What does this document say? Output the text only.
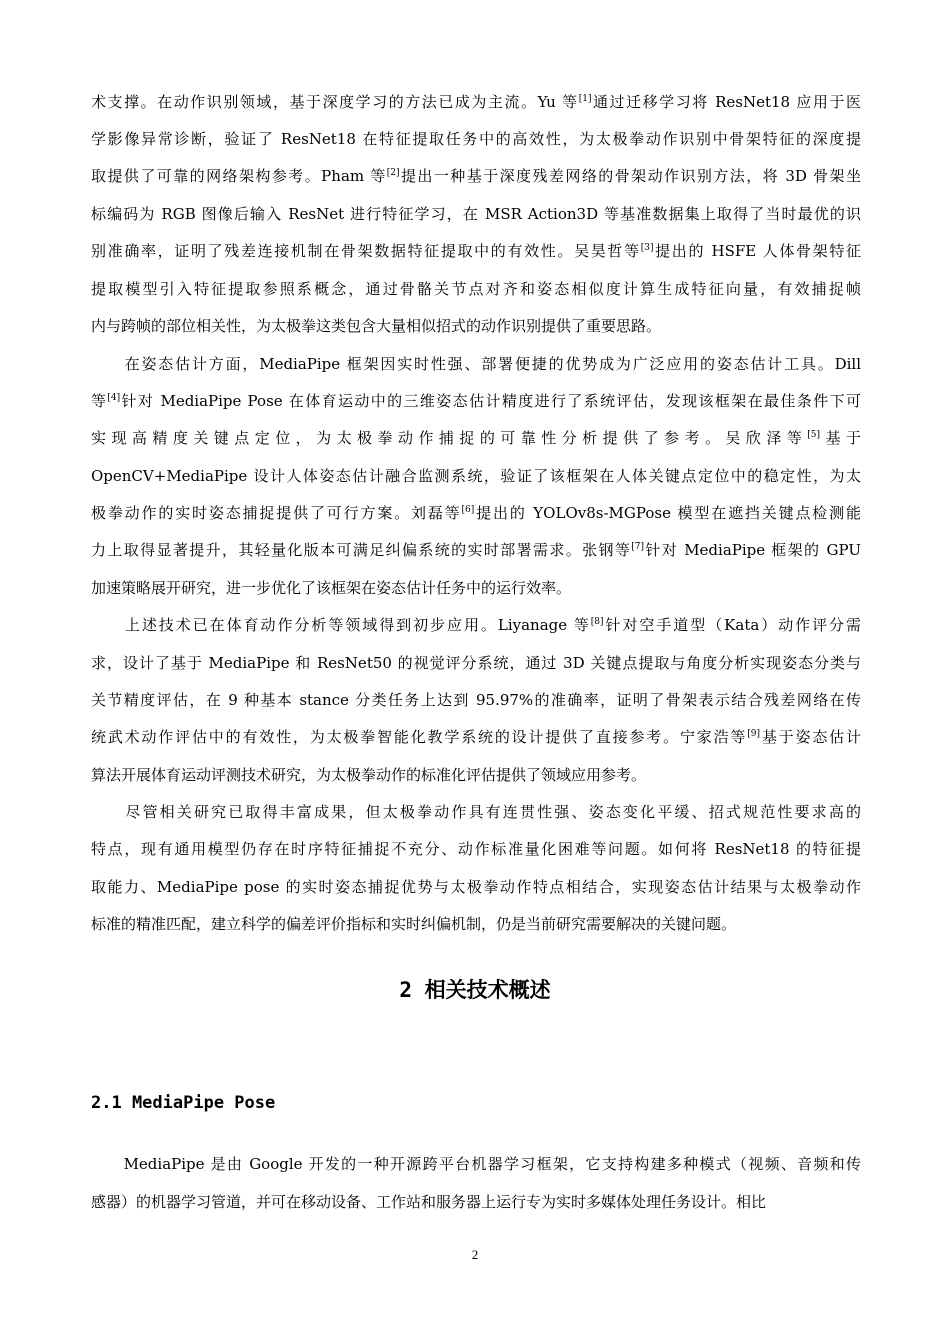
术支撑。在动作识别领域，基于深度学习的方法已成为主流。Yu 等[1]通过迁移学习将 ResNet18 应用于医
学影像异常诊断，验证了 ResNet18 在特征提取任务中的高效性，为太极拳动作识别中骨架特征的深度提
取提供了可靠的网络架构参考。Pham 等[2]提出一种基于深度残差网络的骨架动作识别方法，将 3D 骨架坐
标编码为 RGB 图像后输入 ResNet 进行特征学习，在 MSR Action3D 等基准数据集上取得了当时最优的识
别准确率，证明了残差连接机制在骨架数据特征提取中的有效性。吴昊哲等[3]提出的 HSFE 人体骨架特征
提取模型引入特征提取参照系概念，通过骨骼关节点对齐和姿态相似度计算生成特征向量，有效捕捉帧
内与跨帧的部位相关性，为太极拳这类包含大量相似招式的动作识别提供了重要思路。
　　在姿态估计方面，MediaPipe 框架因实时性强、部署便捷的优势成为广泛应用的姿态估计工具。Dill
等[4]针对 MediaPipe Pose 在体育运动中的三维姿态估计精度进行了系统评估，发现该框架在最佳条件下可
实现高精度关键点定位，为太极拳动作捕捉的可靠性分析提供了参考。吴欣泽等[5]基于
OpenCV+MediaPipe 设计人体姿态估计融合监测系统，验证了该框架在人体关键点定位中的稳定性，为太
极拳动作的实时姿态捕捉提供了可行方案。刘磊等[6]提出的 YOLOv8s-MGPose 模型在遮挡关键点检测能
力上取得显著提升，其轻量化版本可满足纠偏系统的实时部署需求。张钢等[7]针对 MediaPipe 框架的 GPU
加速策略展开研究，进一步优化了该框架在姿态估计任务中的运行效率。
　　上述技术已在体育动作分析等领域得到初步应用。Liyanage 等[8]针对空手道型（Kata）动作评分需
求，设计了基于 MediaPipe 和 ResNet50 的视觉评分系统，通过 3D 关键点提取与角度分析实现姿态分类与
关节精度评估，在 9 种基本 stance 分类任务上达到 95.97%的准确率，证明了骨架表示结合残差网络在传
统武术动作评估中的有效性，为太极拳智能化教学系统的设计提供了直接参考。宁家浩等[9]基于姿态估计
算法开展体育运动评测技术研究，为太极拳动作的标准化评估提供了领域应用参考。
　　尽管相关研究已取得丰富成果，但太极拳动作具有连贯性强、姿态变化平缓、招式规范性要求高的
特点，现有通用模型仍存在时序特征捕捉不充分、动作标准量化困难等问题。如何将 ResNet18 的特征提
取能力、MediaPipe pose 的实时姿态捕捉优势与太极拳动作特点相结合，实现姿态估计结果与太极拳动作
标准的精准匹配，建立科学的偏差评价指标和实时纠偏机制，仍是当前研究需要解决的关键问题。
　　MediaPipe 是由 Google 开发的一种开源跨平台机器学习框架，它支持构建多种模式（视频、音频和传
感器）的机器学习管道，并可在移动设备、工作站和服务器上运行专为实时多媒体处理任务设计。相比
2 相关技术概述
2.1 MediaPipe Pose
2
